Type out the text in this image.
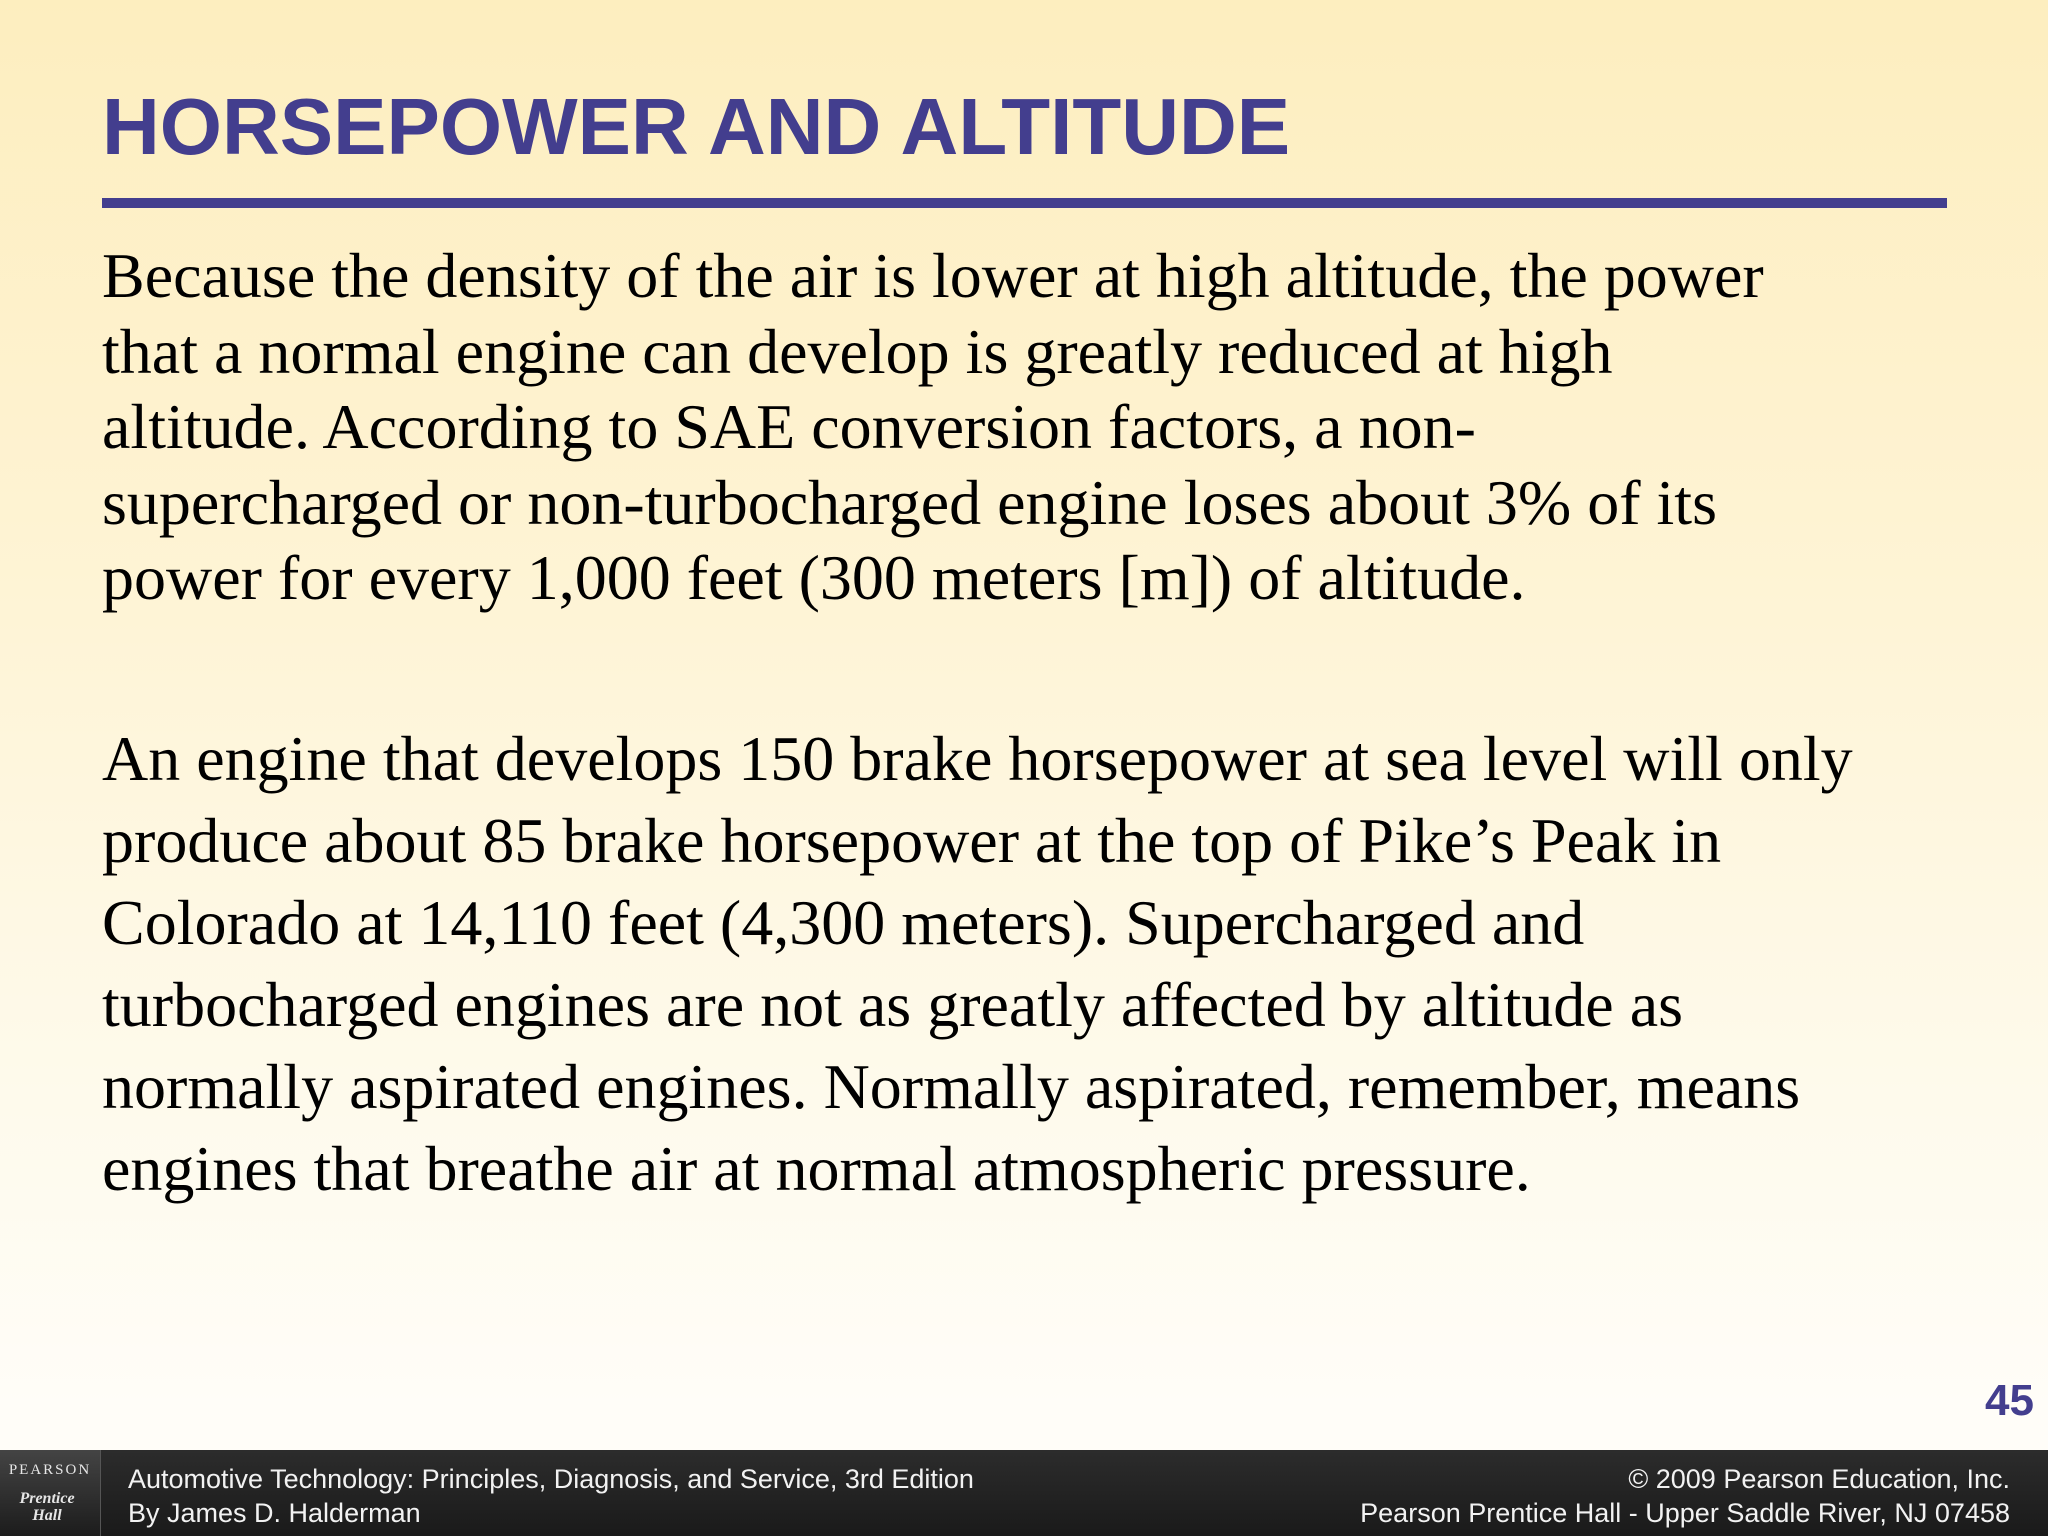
HORSEPOWER AND ALTITUDE

Because the density of the air is lower at high altitude, the power
that a normal engine can develop is greatly reduced at high
altitude. According to SAE conversion factors, a non-
supercharged or non-turbocharged engine loses about 3% of its
power for every 1,000 feet (300 meters [m]) of altitude.

An engine that develops 150 brake horsepower at sea level will only
produce about 85 brake horsepower at the top of Pike’s Peak in
Colorado at 14,110 feet (4,300 meters). Supercharged and
turbocharged engines are not as greatly affected by altitude as
normally aspirated engines. Normally aspirated, remember, means
engines that breathe air at normal atmospheric pressure.

45
PEARSON
Prentice
Hall
Automotive Technology: Principles, Diagnosis, and Service, 3rd Edition
By James D. Halderman
© 2009 Pearson Education, Inc.
Pearson Prentice Hall - Upper Saddle River, NJ 07458
